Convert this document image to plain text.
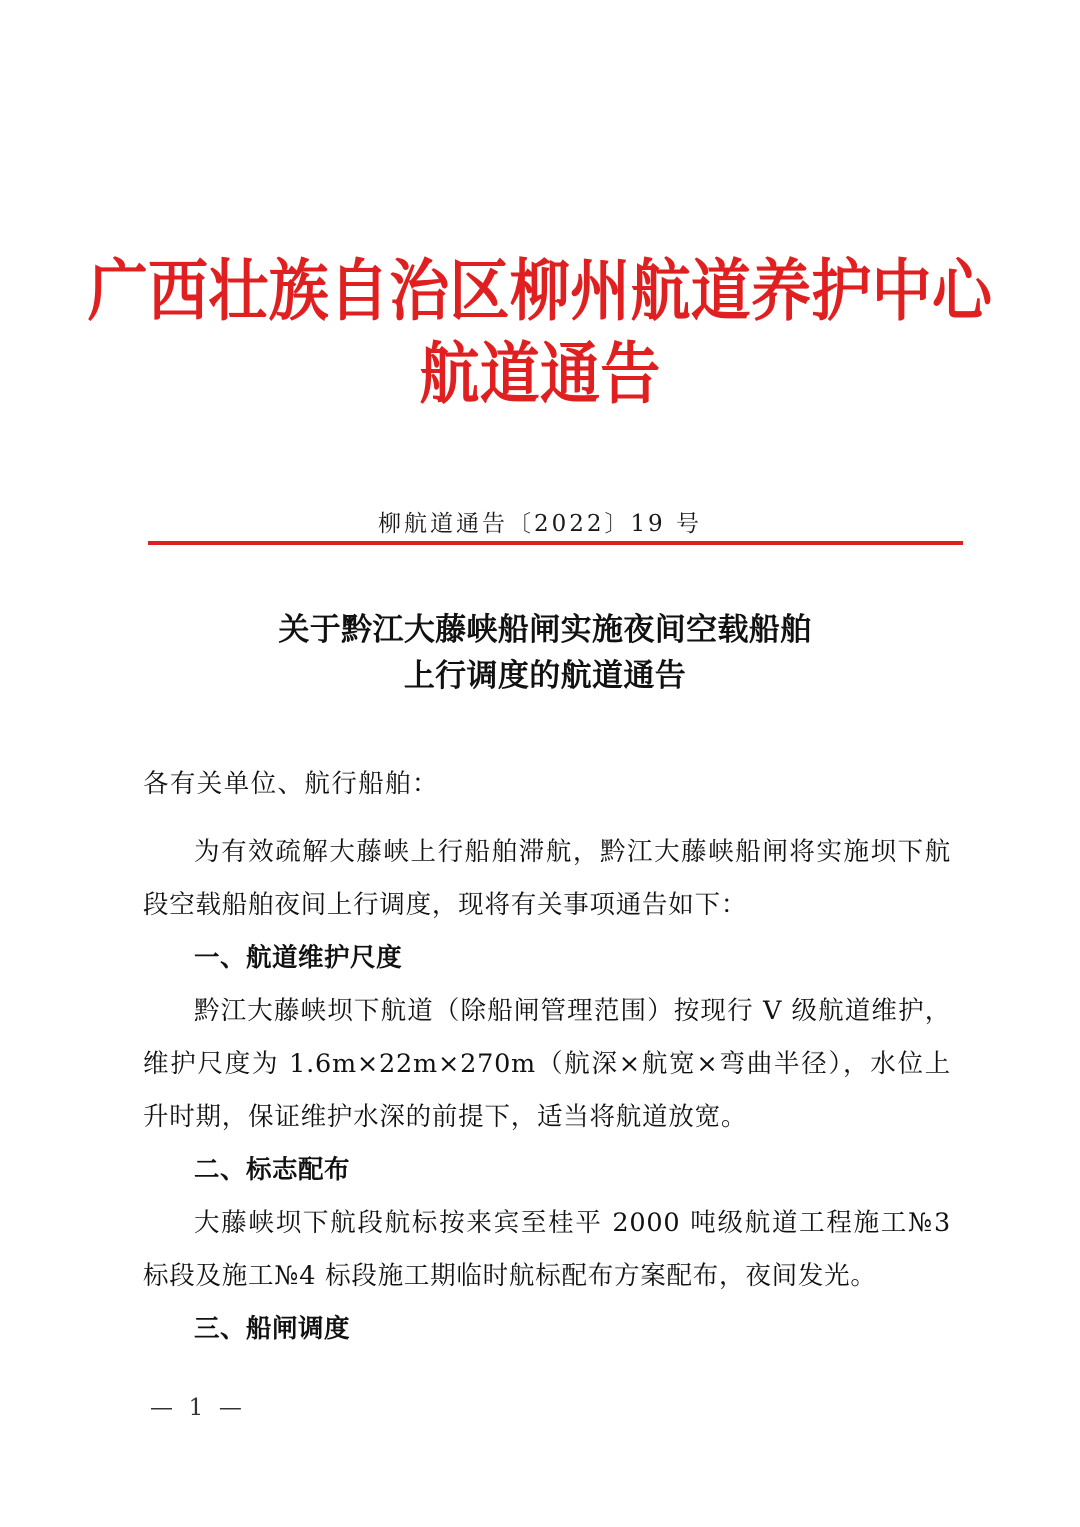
广西壮族自治区柳州航道养护中心
航道通告
柳航道通告〔2022〕19 号
关于黔江大藤峡船闸实施夜间空载船舶
上行调度的航道通告

各有关单位、航行船舶：

为有效疏解大藤峡上行船舶滞航，黔江大藤峡船闸将实施坝下航段空载船舶夜间上行调度，现将有关事项通告如下：

一、航道维护尺度

黔江大藤峡坝下航道（除船闸管理范围）按现行 V 级航道维护，维护尺度为 1.6m×22m×270m（航深×航宽×弯曲半径），水位上升时期，保证维护水深的前提下，适当将航道放宽。

二、标志配布

大藤峡坝下航段航标按来宾至桂平 2000 吨级航道工程施工№3 标段及施工№4 标段施工期临时航标配布方案配布，夜间发光。

三、船闸调度

— 1 —
